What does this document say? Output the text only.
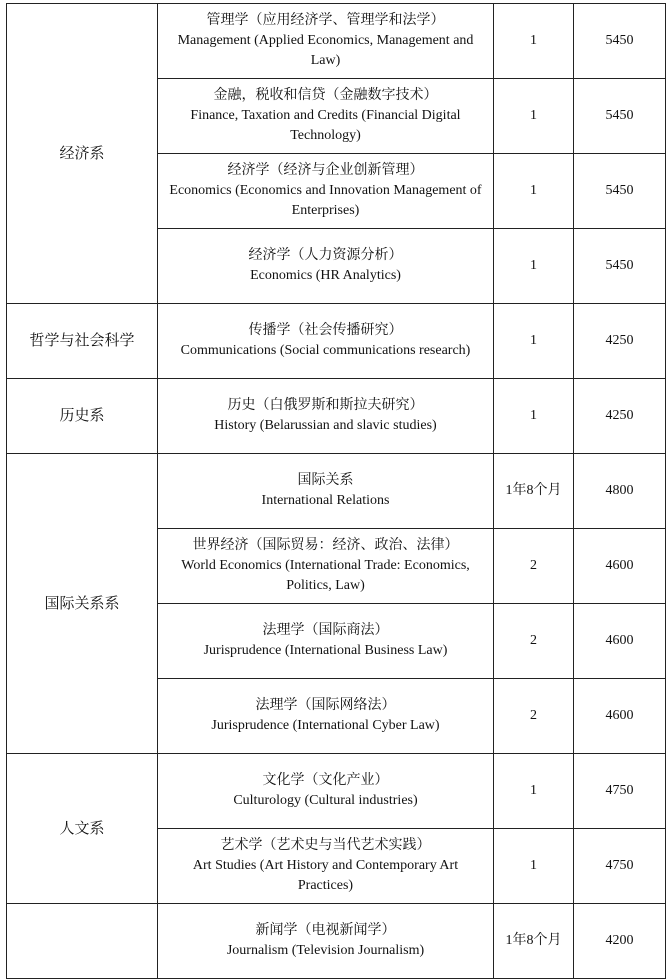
经济系	管理学（应用经济学、管理学和法学）
Management (Applied Economics, Management and Law)	1	5450

	金融，税收和信贷（金融数字技术）
Finance, Taxation and Credits (Financial Digital Technology)	1	5450

	经济学（经济与企业创新管理）
Economics (Economics and Innovation Management of Enterprises)	1	5450

	经济学（人力资源分析）
Economics (HR Analytics)	1	5450
哲学与社会科学	传播学（社会传播研究）
Communications (Social communications research)	1	4250
历史系	历史（白俄罗斯和斯拉夫研究）
History (Belarussian and slavic studies)	1	4250
国际关系系	国际关系
International Relations	1年8个月	4800

	世界经济（国际贸易：经济、政治、法律）
World Economics (International Trade: Economics, Politics, Law)	2	4600

	法理学（国际商法）
Jurisprudence (International Business Law)	2	4600

	法理学（国际网络法）
Jurisprudence (International Cyber Law)	2	4600
人文系	文化学（文化产业）
Culturology (Cultural industries)	1	4750

	艺术学（艺术史与当代艺术实践）
Art Studies (Art History and Contemporary Art Practices)	1	4750

	新闻学（电视新闻学）
Journalism (Television Journalism)	1年8个月	4200
